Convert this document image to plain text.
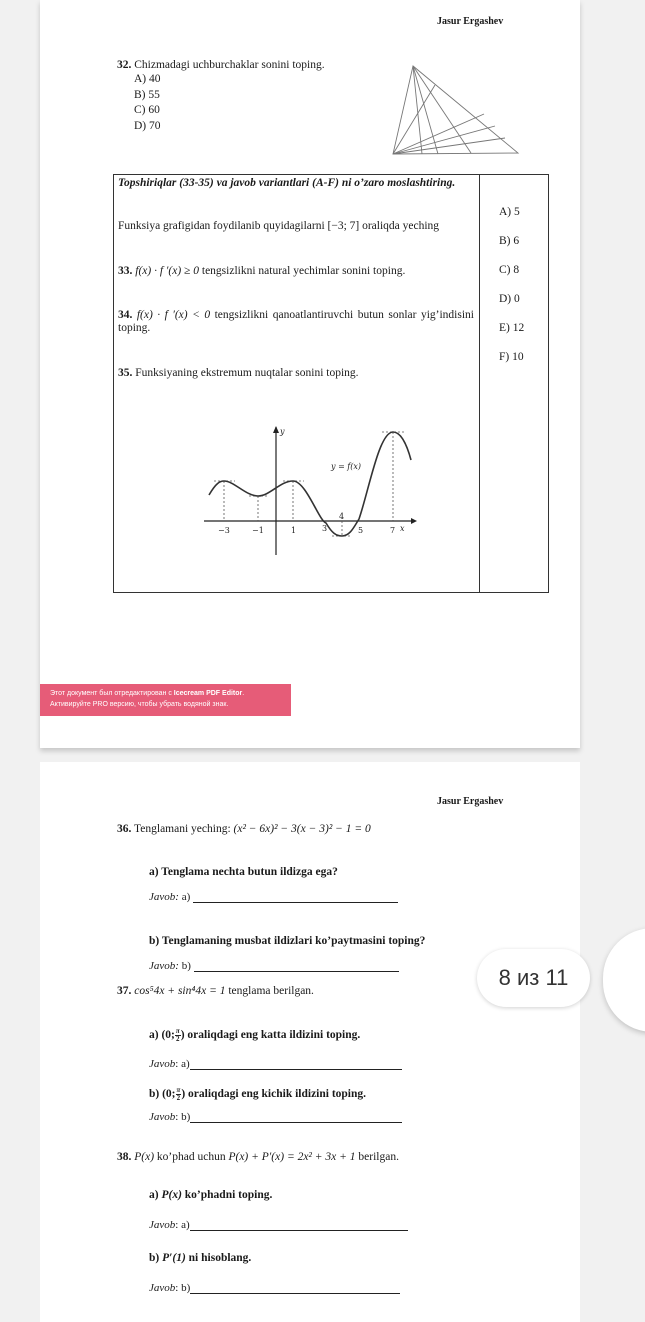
Jasur Ergashev
32. Chizmadagi uchburchaklar sonini toping.
A) 40
B) 55
C) 60
D) 70
Topshiriqlar (33-35) va javob variantlari (A-F) ni o’zaro moslashtiring.
Funksiya grafigidan foydilanib quyidagilarni [−3; 7] oraliqda yeching
33. f(x) · f ′(x) ≥ 0 tengsizlikni natural yechimlar sonini toping.
34. f(x) · f ′(x) < 0 tengsizlikni qanoatlantiruvchi butun sonlar yig’indisini toping.
35. Funksiyaning ekstremum nuqtalar sonini toping.
A) 5
B) 6
C) 8
D) 0
E) 12
F) 10
−3	−1	1	3
4
5	7 x
y
y = f(x)
Этот документ был отредактирован с Icecream PDF Editor.
Активируйте PRO версию, чтобы убрать водяной знак.
Jasur Ergashev
36. Tenglamani yeching: (x² − 6x)² − 3(x − 3)² − 1 = 0
a) Tenglama nechta butun ildizga ega?
Javob: a)
b) Tenglamaning musbat ildizlari ko’paytmasini toping?
Javob: b)
37. cos⁵4x + sin⁴4x = 1 tenglama berilgan.
a) (0; $\frac{\pi}{2}$ ) oraliqdagi eng katta ildizini toping.
Javob: a)
b) (0; $\frac{\pi}{2}$ ) oraliqdagi eng kichik ildizini toping.
Javob: b)
38. P(x) ko’phad uchun P(x) + P′(x) = 2x² + 3x + 1 berilgan.
a) P(x) ko’phadni toping.
Javob: a)
b) P′(1) ni hisoblang.
Javob: b)
8 из 11
